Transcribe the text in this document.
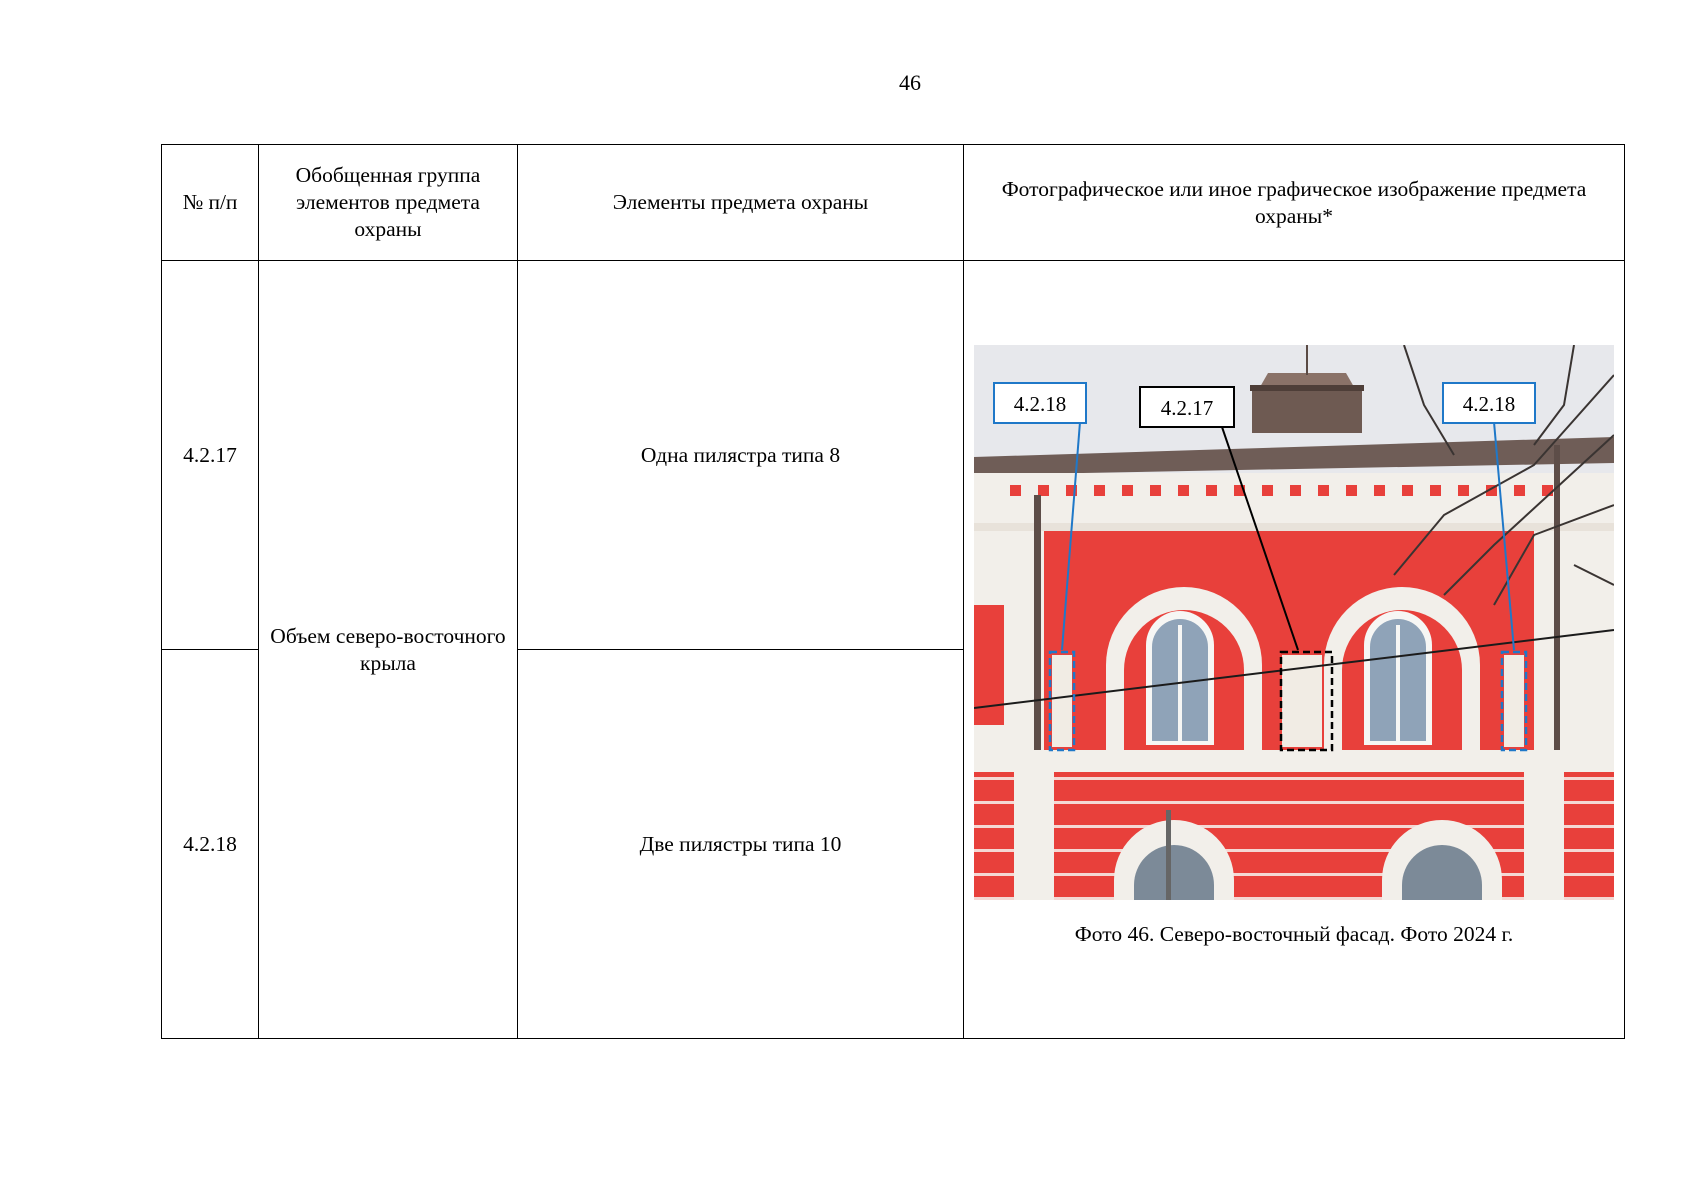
46
№ п/п	Обобщенная группа элементов предмета охраны	Элементы предмета охраны	Фотографическое или иное графическое изображение предмета охраны*
4.2.17	Объем северо-восточного крыла	Одна пилястра типа 8	4.2.18 4.2.17 4.2.18
Фото 46. Северо-восточный фасад. Фото 2024 г.

4.2.18		Две пилястры типа 10	
